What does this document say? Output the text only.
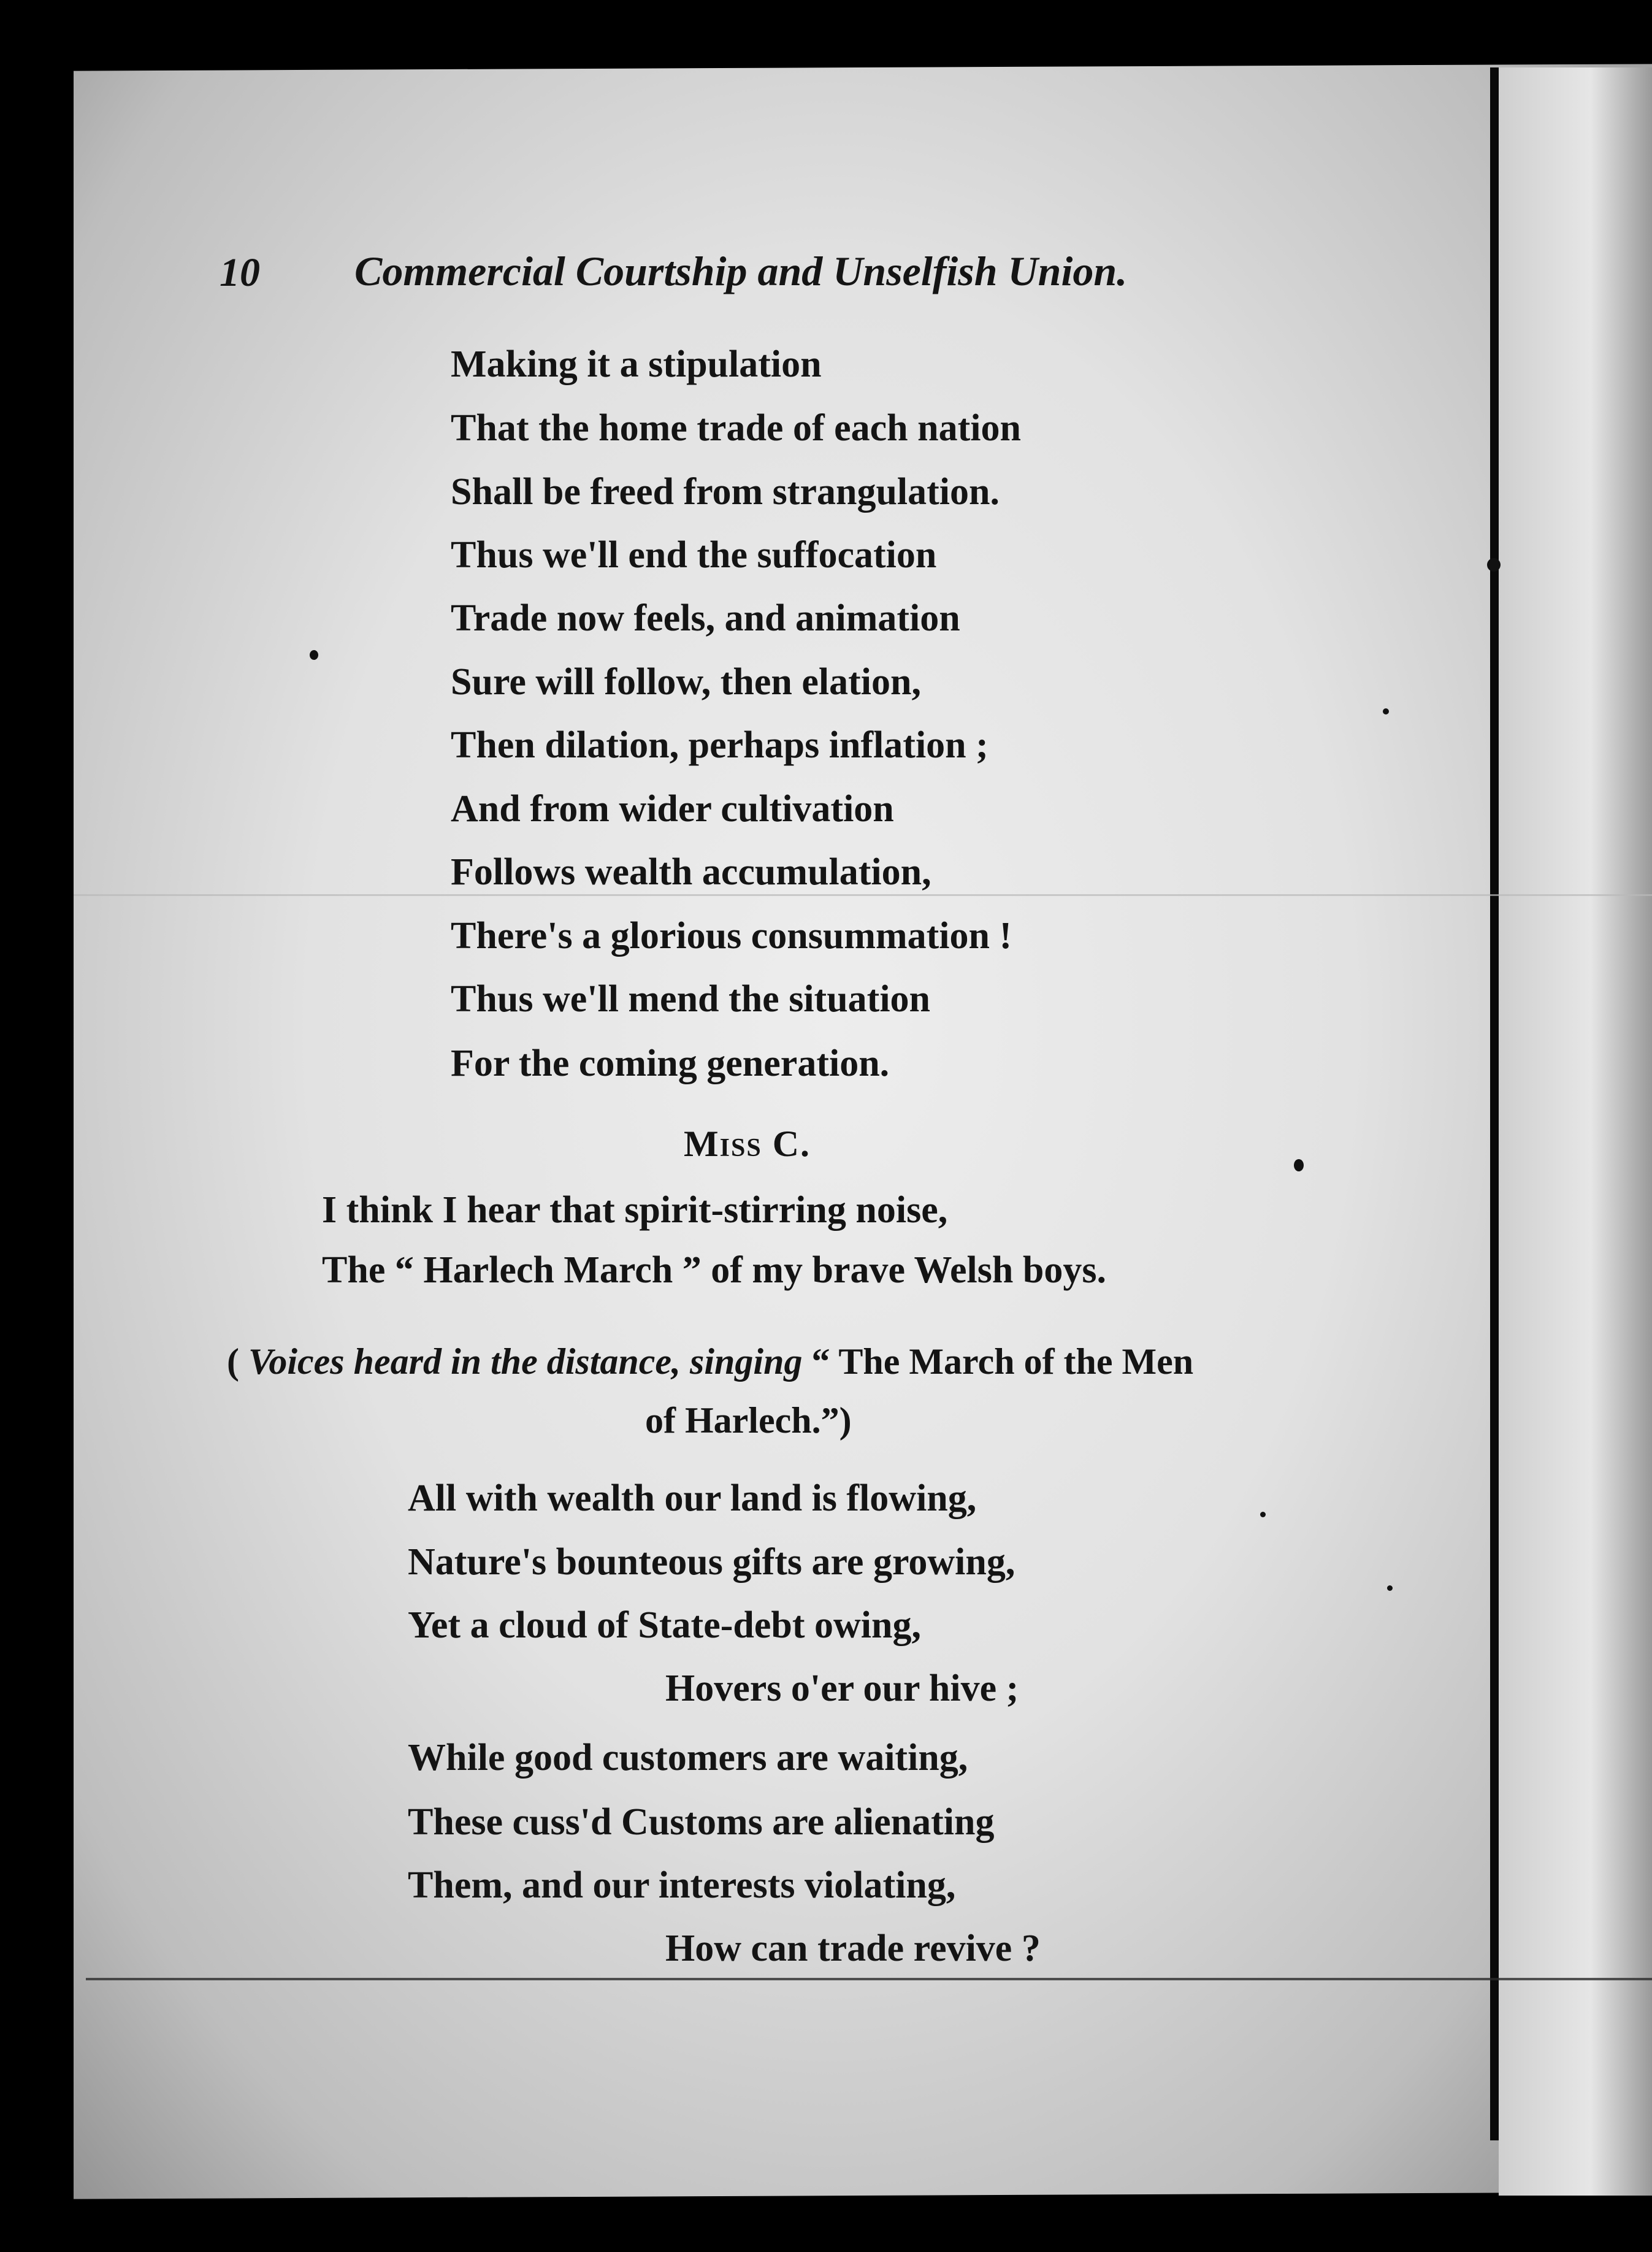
10 Commercial Courtship and Unselfish Union.
Making it a stipulation
That the home trade of each nation
Shall be freed from strangulation.
Thus we'll end the suffocation
Trade now feels, and animation
Sure will follow, then elation,
Then dilation, perhaps inflation ;
And from wider cultivation
Follows wealth accumulation,
There's a glorious consummation !
Thus we'll mend the situation
For the coming generation.
Miss C.
I think I hear that spirit-stirring noise,
The “ Harlech March ” of my brave Welsh boys.
( Voices heard in the distance, singing “ The March of the Men
of Harlech.”)
All with wealth our land is flowing,
Nature's bounteous gifts are growing,
Yet a cloud of State-debt owing,
Hovers o'er our hive ;
While good customers are waiting,
These cuss'd Customs are alienating
Them, and our interests violating,
How can trade revive ?
